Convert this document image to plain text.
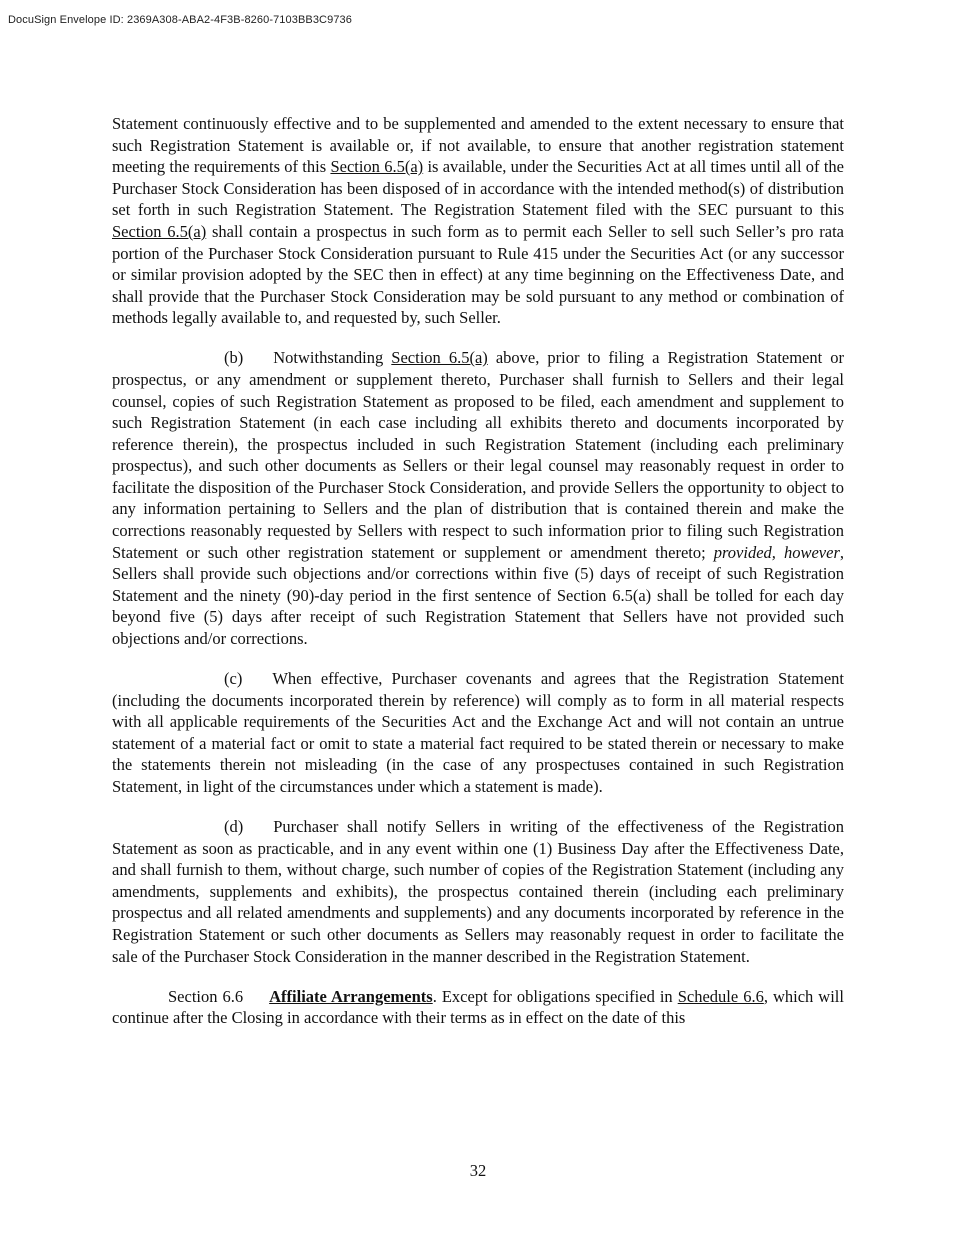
DocuSign Envelope ID: 2369A308-ABA2-4F3B-8260-7103BB3C9736

Statement continuously effective and to be supplemented and amended to the extent necessary to ensure that such Registration Statement is available or, if not available, to ensure that another registration statement meeting the requirements of this Section 6.5(a) is available, under the Securities Act at all times until all of the Purchaser Stock Consideration has been disposed of in accordance with the intended method(s) of distribution set forth in such Registration Statement. The Registration Statement filed with the SEC pursuant to this Section 6.5(a) shall contain a prospectus in such form as to permit each Seller to sell such Seller’s pro rata portion of the Purchaser Stock Consideration pursuant to Rule 415 under the Securities Act (or any successor or similar provision adopted by the SEC then in effect) at any time beginning on the Effectiveness Date, and shall provide that the Purchaser Stock Consideration may be sold pursuant to any method or combination of methods legally available to, and requested by, such Seller.

(b) Notwithstanding Section 6.5(a) above, prior to filing a Registration Statement or prospectus, or any amendment or supplement thereto, Purchaser shall furnish to Sellers and their legal counsel, copies of such Registration Statement as proposed to be filed, each amendment and supplement to such Registration Statement (in each case including all exhibits thereto and documents incorporated by reference therein), the prospectus included in such Registration Statement (including each preliminary prospectus), and such other documents as Sellers or their legal counsel may reasonably request in order to facilitate the disposition of the Purchaser Stock Consideration, and provide Sellers the opportunity to object to any information pertaining to Sellers and the plan of distribution that is contained therein and make the corrections reasonably requested by Sellers with respect to such information prior to filing such Registration Statement or such other registration statement or supplement or amendment thereto; provided, however, Sellers shall provide such objections and/or corrections within five (5) days of receipt of such Registration Statement and the ninety (90)-day period in the first sentence of Section 6.5(a) shall be tolled for each day beyond five (5) days after receipt of such Registration Statement that Sellers have not provided such objections and/or corrections.

(c) When effective, Purchaser covenants and agrees that the Registration Statement (including the documents incorporated therein by reference) will comply as to form in all material respects with all applicable requirements of the Securities Act and the Exchange Act and will not contain an untrue statement of a material fact or omit to state a material fact required to be stated therein or necessary to make the statements therein not misleading (in the case of any prospectuses contained in such Registration Statement, in light of the circumstances under which a statement is made).

(d) Purchaser shall notify Sellers in writing of the effectiveness of the Registration Statement as soon as practicable, and in any event within one (1) Business Day after the Effectiveness Date, and shall furnish to them, without charge, such number of copies of the Registration Statement (including any amendments, supplements and exhibits), the prospectus contained therein (including each preliminary prospectus and all related amendments and supplements) and any documents incorporated by reference in the Registration Statement or such other documents as Sellers may reasonably request in order to facilitate the sale of the Purchaser Stock Consideration in the manner described in the Registration Statement.

Section 6.6 Affiliate Arrangements. Except for obligations specified in Schedule 6.6, which will continue after the Closing in accordance with their terms as in effect on the date of this

32
